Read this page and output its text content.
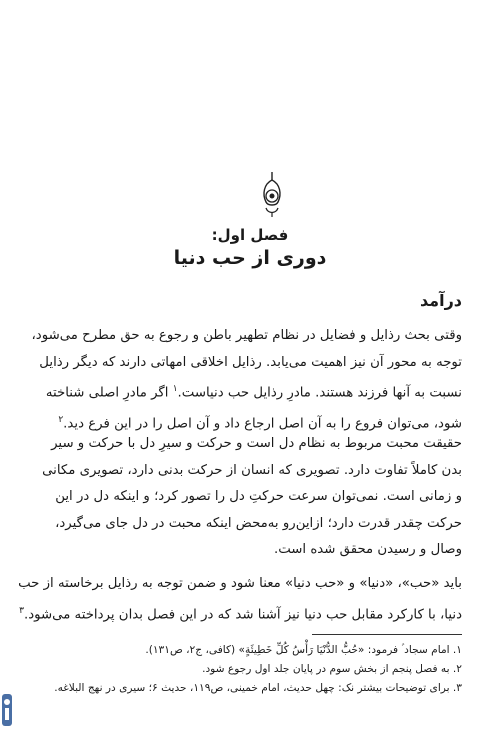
فصل اول:
دوری از حب دنیا
درآمد
وقتی بحث رذایل و فضایل در نظام تطهیر باطن و رجوع به حق مطرح می‌شود،
توجه به محور آن نیز اهمیت می‌یابد. رذایل اخلاقی امهاتی دارند که دیگر رذایل
نسبت به آنها فرزند هستند. مادرِ رذایل حب دنیاست.$^۱$ اگر مادرِ اصلی شناخته
شود، می‌توان فروع را به آن اصل ارجاع داد و آن اصل را در این فرع دید.$^۲$
حقیقت محبت مربوط به نظام دل است و حرکت و سیرِ دل با حرکت و سیر
بدن کاملاً تفاوت دارد. تصویری که انسان از حرکت بدنی دارد، تصویری مکانی
و زمانی است. نمی‌توان سرعت حرکتِ دل را تصور کرد؛ و اینکه دل در این
حرکت چقدر قدرت دارد؛ ازاین‌رو به‌محض اینکه محبت در دل جای می‌گیرد،
وصال و رسیدن محقق شده است.
باید «حب»، «دنیا» و «حب دنیا» معنا شود و ضمن توجه به رذایل برخاسته از حب
دنیا، با کارکرد مقابل حب دنیا نیز آشنا شد که در این فصل بدان پرداخته می‌شود.$^۳$
۱. امام سجاد ؑ فرمود: «حُبُّ الدُّنْيَا رَأْسُ كُلِّ خَطِيئَةٍ» (کافی، ج۲، ص۱۳۱).
۲. به فصل پنجم از بخش سوم در پایان جلد اول رجوع شود.
۳. برای توضیحات بیشتر نک: چهل حدیث، امام خمینی، ص۱۱۹، حدیث ۶؛ سیری در نهج البلاغه.
